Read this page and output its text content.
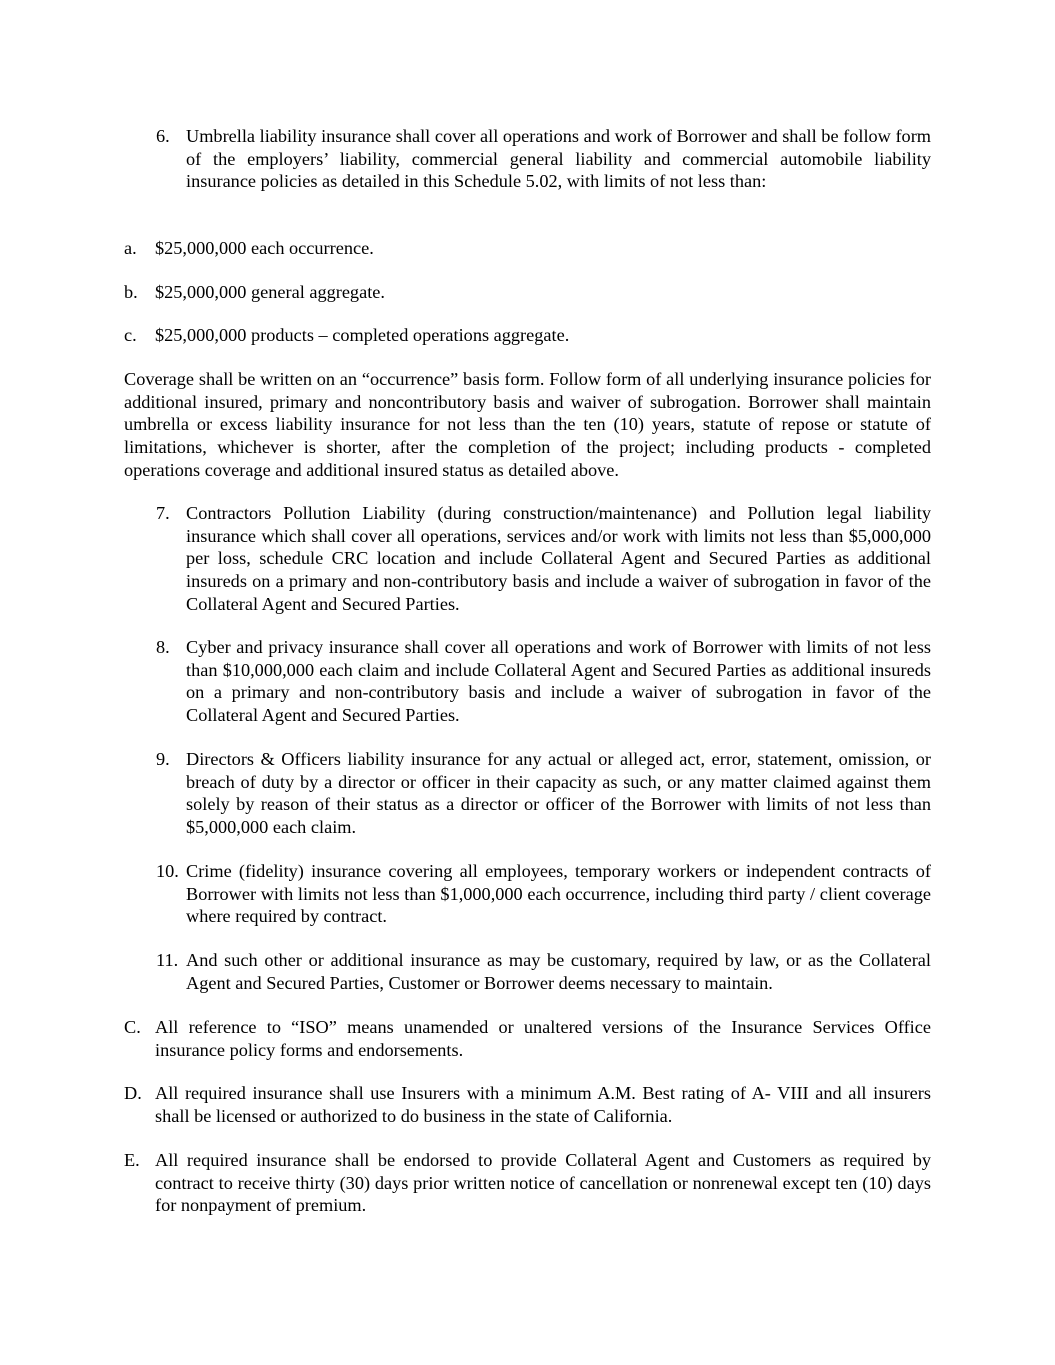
6. Umbrella liability insurance shall cover all operations and work of Borrower and shall be follow form of the employers’ liability, commercial general liability and commercial automobile liability insurance policies as detailed in this Schedule 5.02, with limits of not less than:
a. $25,000,000 each occurrence.
b. $25,000,000 general aggregate.
c. $25,000,000 products – completed operations aggregate.
Coverage shall be written on an “occurrence” basis form. Follow form of all underlying insurance policies for additional insured, primary and noncontributory basis and waiver of subrogation. Borrower shall maintain umbrella or excess liability insurance for not less than the ten (10) years, statute of repose or statute of limitations, whichever is shorter, after the completion of the project; including products - completed operations coverage and additional insured status as detailed above.
7. Contractors Pollution Liability (during construction/maintenance) and Pollution legal liability insurance which shall cover all operations, services and/or work with limits not less than $5,000,000 per loss, schedule CRC location and include Collateral Agent and Secured Parties as additional insureds on a primary and non-contributory basis and include a waiver of subrogation in favor of the Collateral Agent and Secured Parties.
8. Cyber and privacy insurance shall cover all operations and work of Borrower with limits of not less than $10,000,000 each claim and include Collateral Agent and Secured Parties as additional insureds on a primary and non-contributory basis and include a waiver of subrogation in favor of the Collateral Agent and Secured Parties.
9. Directors & Officers liability insurance for any actual or alleged act, error, statement, omission, or breach of duty by a director or officer in their capacity as such, or any matter claimed against them solely by reason of their status as a director or officer of the Borrower with limits of not less than $5,000,000 each claim.
10. Crime (fidelity) insurance covering all employees, temporary workers or independent contracts of Borrower with limits not less than $1,000,000 each occurrence, including third party / client coverage where required by contract.
11. And such other or additional insurance as may be customary, required by law, or as the Collateral Agent and Secured Parties, Customer or Borrower deems necessary to maintain.
C. All reference to “ISO” means unamended or unaltered versions of the Insurance Services Office insurance policy forms and endorsements.
D. All required insurance shall use Insurers with a minimum A.M. Best rating of A- VIII and all insurers shall be licensed or authorized to do business in the state of California.
E. All required insurance shall be endorsed to provide Collateral Agent and Customers as required by contract to receive thirty (30) days prior written notice of cancellation or nonrenewal except ten (10) days for nonpayment of premium.
